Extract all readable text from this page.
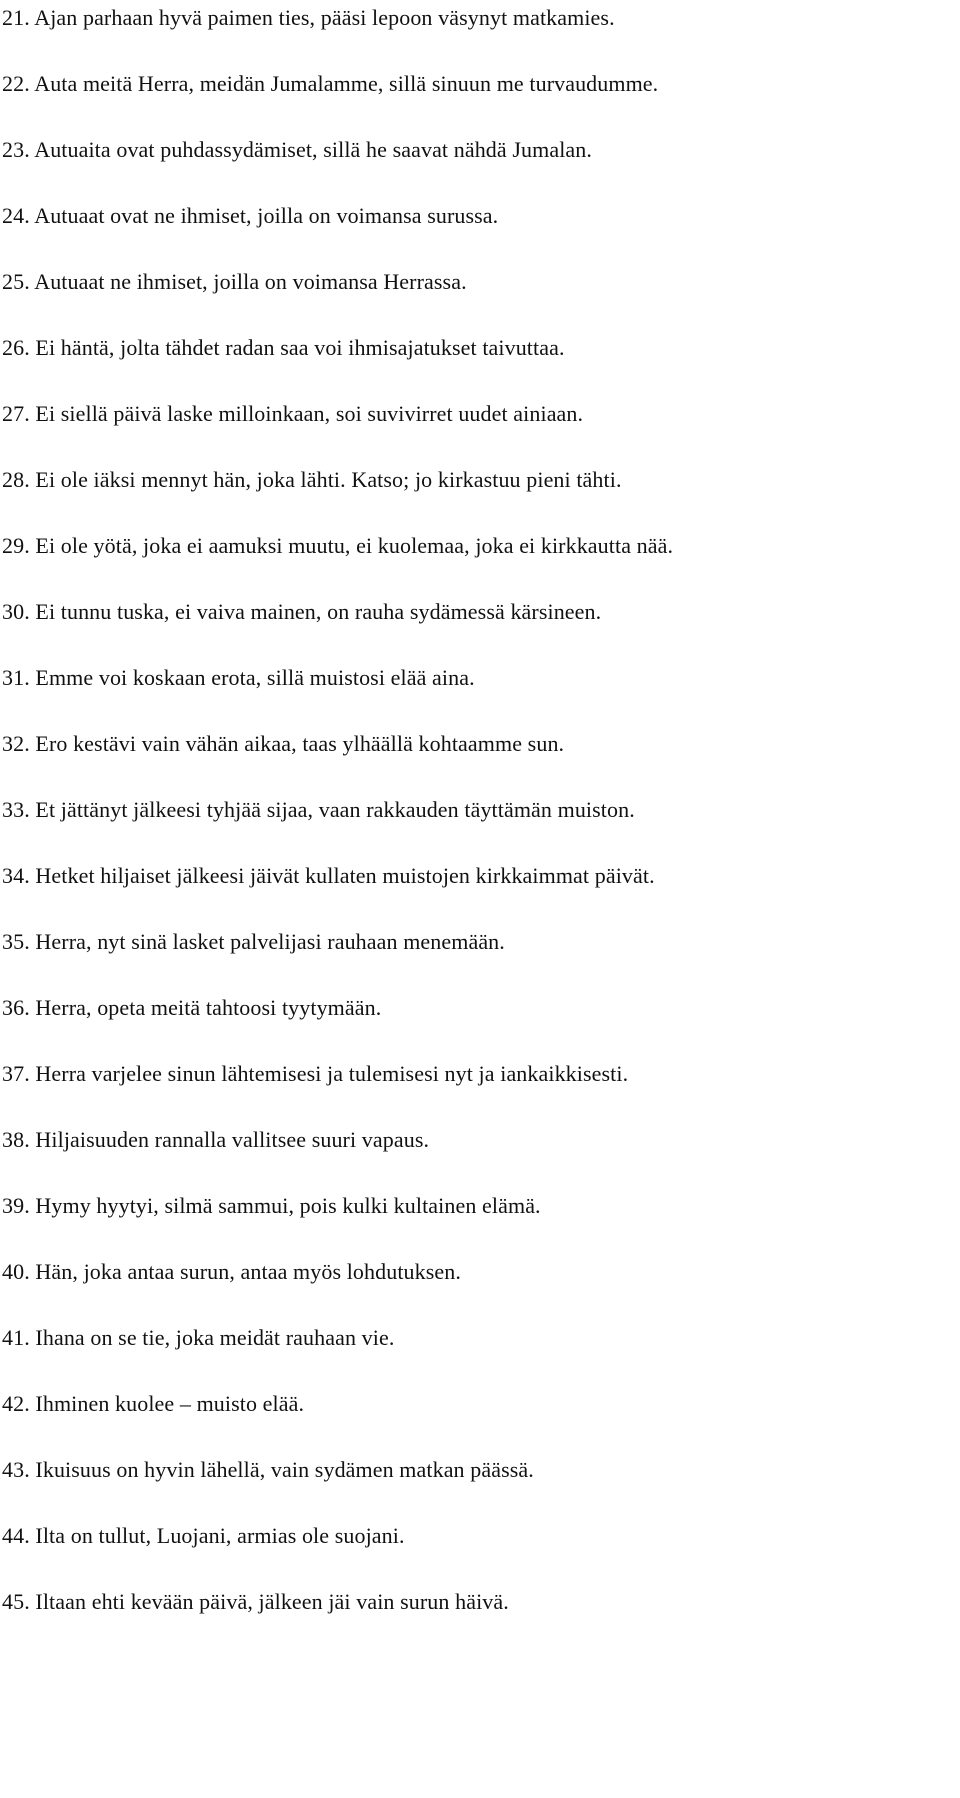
21. Ajan parhaan hyvä paimen ties, pääsi lepoon väsynyt matkamies.
22. Auta meitä Herra, meidän Jumalamme, sillä sinuun me turvaudumme.
23. Autuaita ovat puhdassydämiset, sillä he saavat nähdä Jumalan.
24. Autuaat ovat ne ihmiset, joilla on voimansa surussa.
25. Autuaat ne ihmiset, joilla on voimansa Herrassa.
26. Ei häntä, jolta tähdet radan saa voi ihmisajatukset taivuttaa.
27. Ei siellä päivä laske milloinkaan, soi suvivirret uudet ainiaan.
28. Ei ole iäksi mennyt hän, joka lähti. Katso; jo kirkastuu pieni tähti.
29. Ei ole yötä, joka ei aamuksi muutu, ei kuolemaa, joka ei kirkkautta nää.
30. Ei tunnu tuska, ei vaiva mainen, on rauha sydämessä kärsineen.
31. Emme voi koskaan erota, sillä muistosi elää aina.
32. Ero kestävi vain vähän aikaa, taas ylhäällä kohtaamme sun.
33. Et jättänyt jälkeesi tyhjää sijaa, vaan rakkauden täyttämän muiston.
34. Hetket hiljaiset jälkeesi jäivät kullaten muistojen kirkkaimmat päivät.
35. Herra, nyt sinä lasket palvelijasi rauhaan menemään.
36. Herra, opeta meitä tahtoosi tyytymään.
37. Herra varjelee sinun lähtemisesi ja tulemisesi nyt ja iankaikkisesti.
38. Hiljaisuuden rannalla vallitsee suuri vapaus.
39. Hymy hyytyi, silmä sammui, pois kulki kultainen elämä.
40. Hän, joka antaa surun, antaa myös lohdutuksen.
41. Ihana on se tie, joka meidät rauhaan vie.
42. Ihminen kuolee – muisto elää.
43. Ikuisuus on hyvin lähellä, vain sydämen matkan päässä.
44. Ilta on tullut, Luojani, armias ole suojani.
45. Iltaan ehti kevään päivä, jälkeen jäi vain surun häivä.
